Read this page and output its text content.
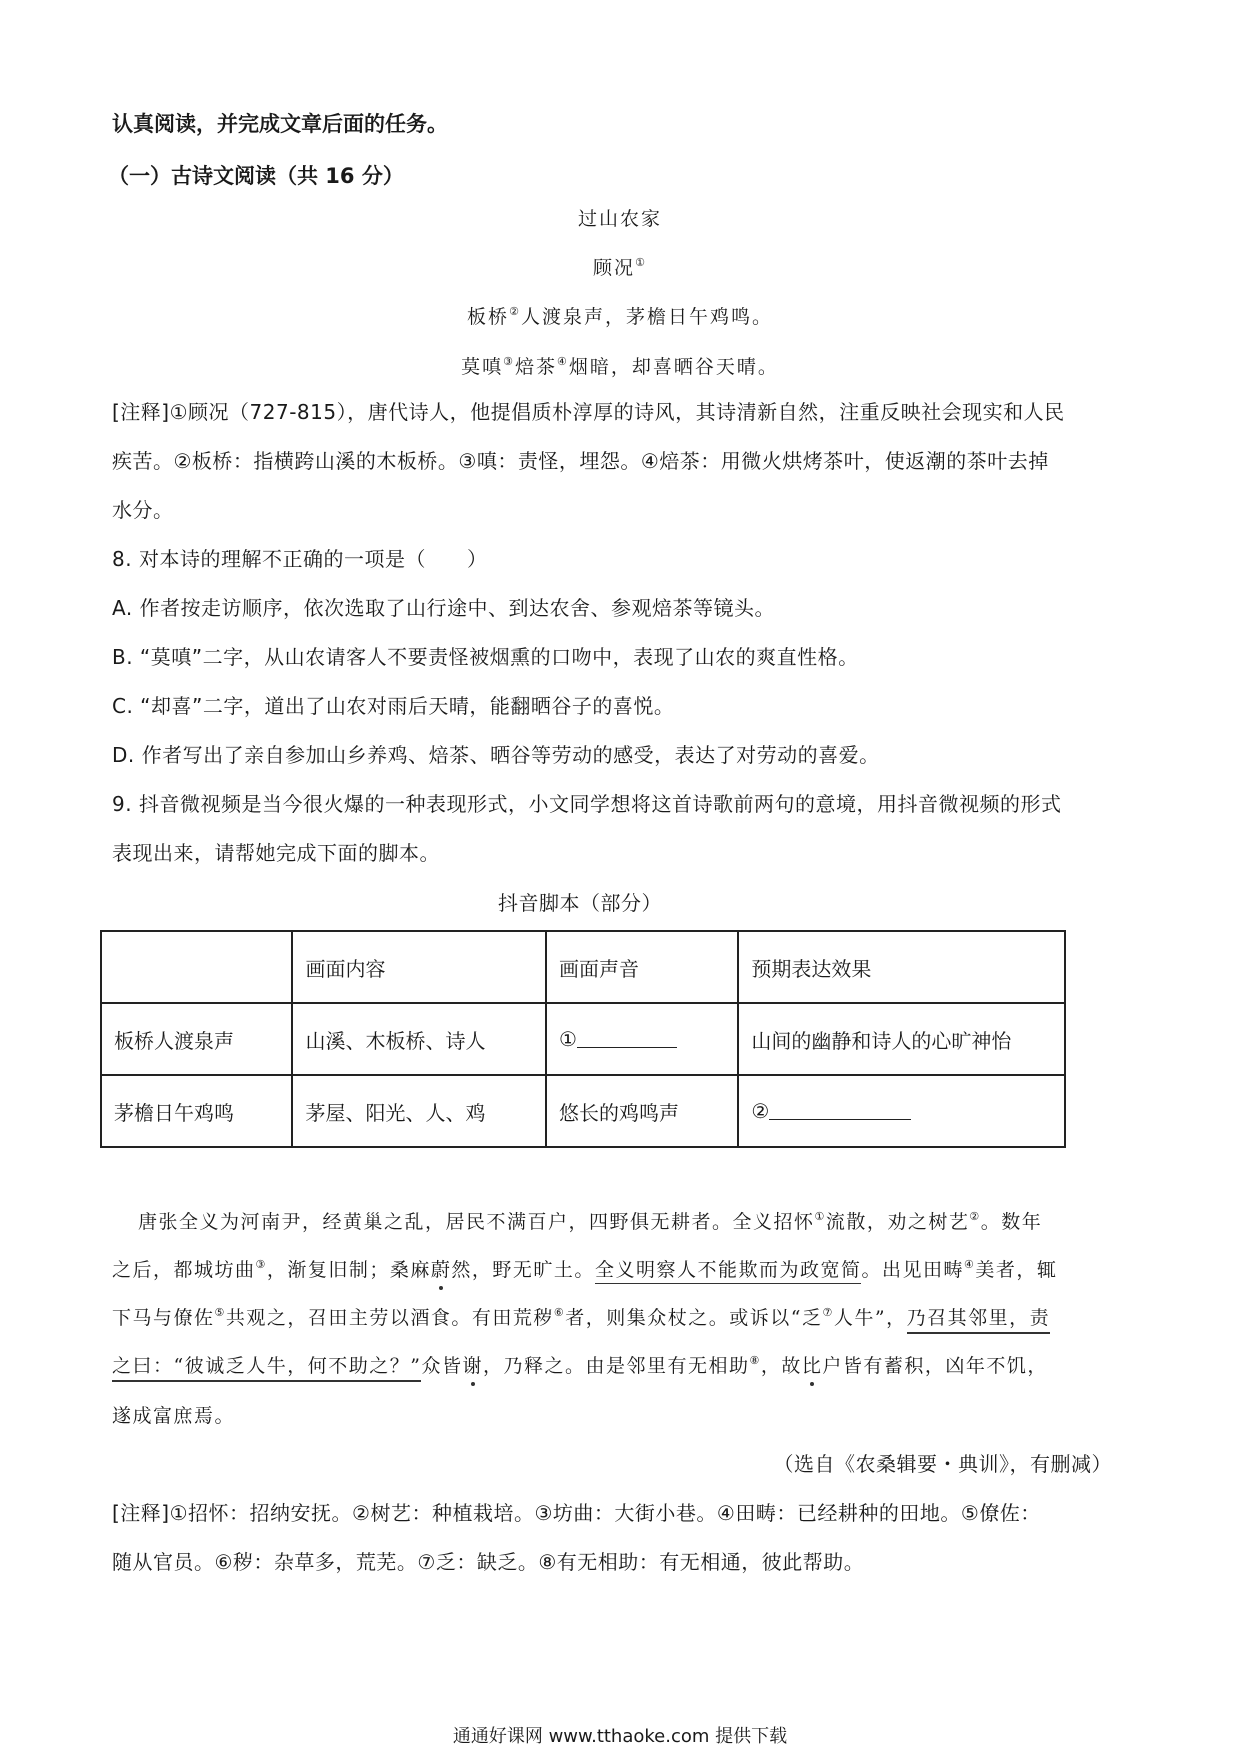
认真阅读，并完成文章后面的任务。
（一）古诗文阅读（共 16 分）
过山农家
顾况①
板桥②人渡泉声，茅檐日午鸡鸣。
莫嗔③焙茶④烟暗，却喜晒谷天晴。
[注释]①顾况（727-815），唐代诗人，他提倡质朴淳厚的诗风，其诗清新自然，注重反映社会现实和人民
疾苦。②板桥：指横跨山溪的木板桥。③嗔：责怪，埋怨。④焙茶：用微火烘烤茶叶，使返潮的茶叶去掉
水分。
8. 对本诗的理解不正确的一项是（　　）
A. 作者按走访顺序，依次选取了山行途中、到达农舍、参观焙茶等镜头。
B. “莫嗔”二字，从山农请客人不要责怪被烟熏的口吻中，表现了山农的爽直性格。
C. “却喜”二字，道出了山农对雨后天晴，能翻晒谷子的喜悦。
D. 作者写出了亲自参加山乡养鸡、焙茶、晒谷等劳动的感受，表达了对劳动的喜爱。
9. 抖音微视频是当今很火爆的一种表现形式，小文同学想将这首诗歌前两句的意境，用抖音微视频的形式
表现出来，请帮她完成下面的脚本。
抖音脚本（部分）
	画面内容	画面声音	预期表达效果
板桥人渡泉声	山溪、木板桥、诗人	①	山间的幽静和诗人的心旷神怡
茅檐日午鸡鸣	茅屋、阳光、人、鸡	悠长的鸡鸣声	②
唐张全义为河南尹，经黄巢之乱，居民不满百户，四野俱无耕者。全义招怀①流散，劝之树艺②。数年
之后，都城坊曲③，渐复旧制；桑麻蔚然，野无旷土。全义明察人不能欺而为政宽简。出见田畴④美者，辄
下马与僚佐⑤共观之，召田主劳以酒食。有田荒秽⑥者，则集众杖之。或诉以“乏⑦人牛”，乃召其邻里，责
之曰：“彼诚乏人牛，何不助之？”众皆谢，乃释之。由是邻里有无相助⑧，故比户皆有蓄积，凶年不饥，
遂成富庶焉。
（选自《农桑辑要・典训》，有删减）
[注释]①招怀：招纳安抚。②树艺：种植栽培。③坊曲：大街小巷。④田畴：已经耕种的田地。⑤僚佐：
随从官员。⑥秽：杂草多，荒芜。⑦乏：缺乏。⑧有无相助：有无相通，彼此帮助。
通通好课网 www.tthaoke.com 提供下载
